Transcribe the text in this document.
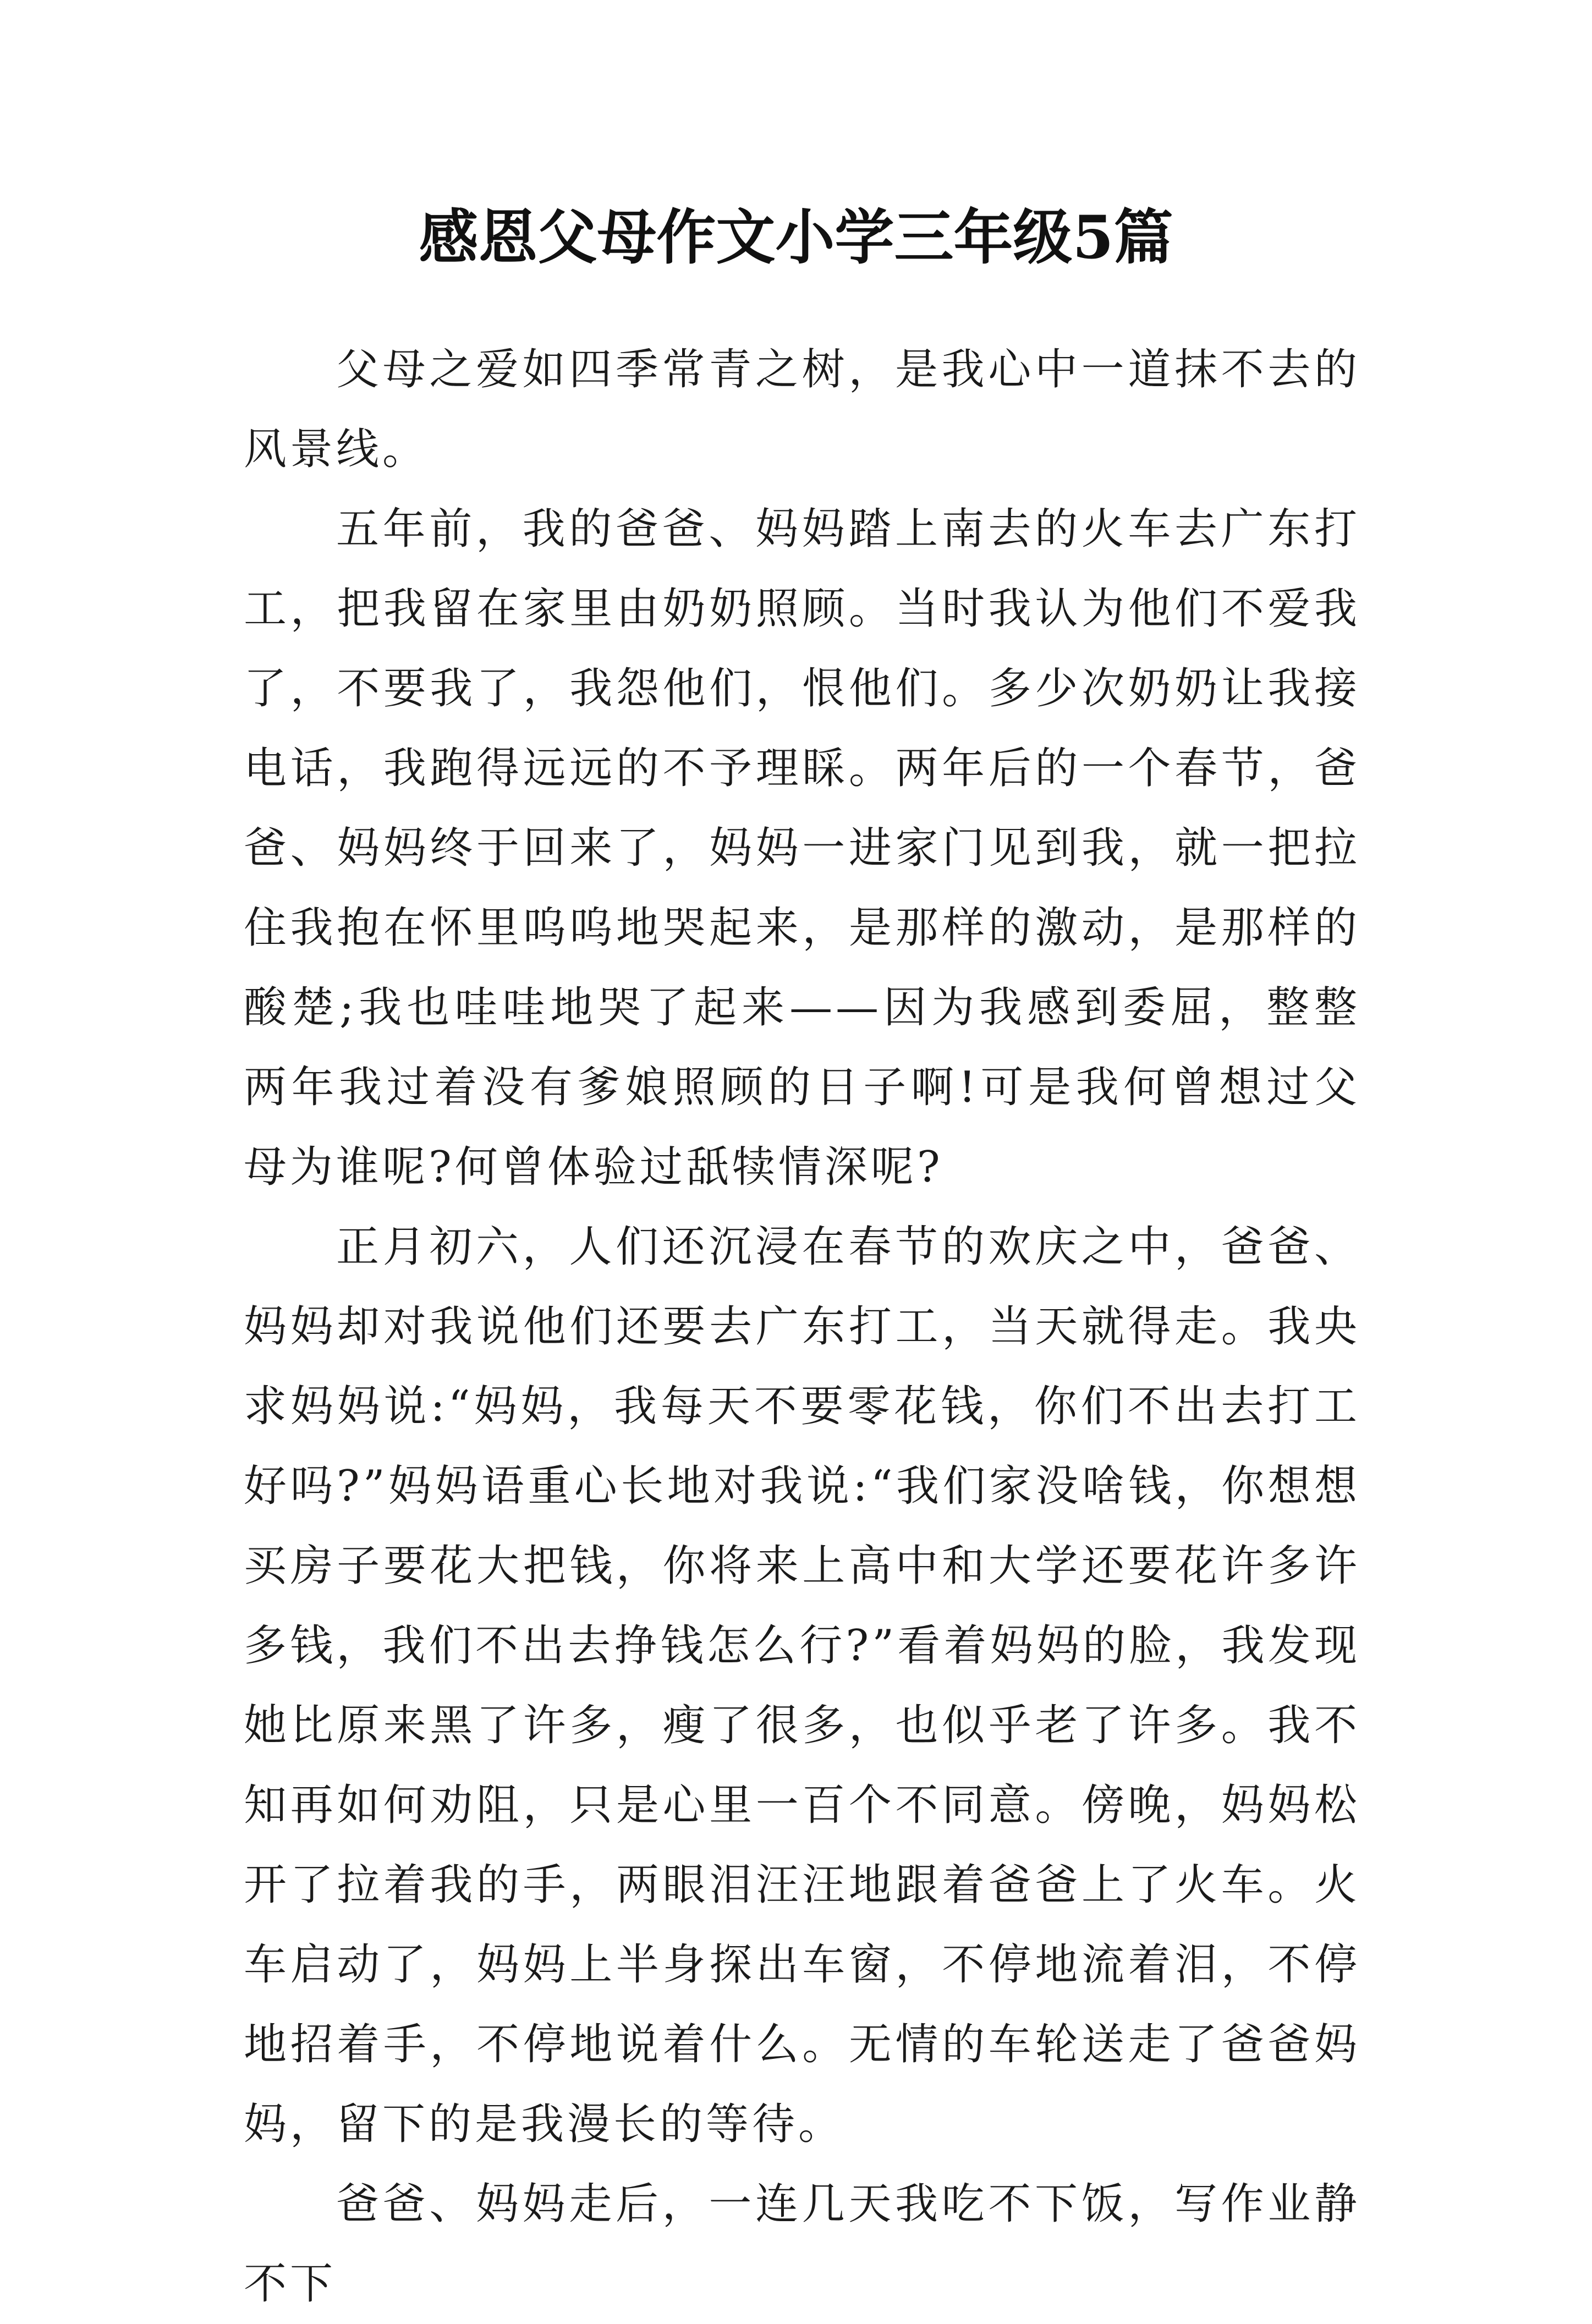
感恩父母作文小学三年级5篇

父母之爱如四季常青之树，是我心中一道抹不去的风景线。

五年前，我的爸爸、妈妈踏上南去的火车去广东打工，把我留在家里由奶奶照顾。当时我认为他们不爱我了，不要我了，我怨他们，恨他们。多少次奶奶让我接电话，我跑得远远的不予理睬。两年后的一个春节，爸爸、妈妈终于回来了，妈妈一进家门见到我，就一把拉住我抱在怀里呜呜地哭起来，是那样的激动，是那样的酸楚;我也哇哇地哭了起来——因为我感到委屈，整整两年我过着没有爹娘照顾的日子啊!可是我何曾想过父母为谁呢?何曾体验过舐犊情深呢?

正月初六，人们还沉浸在春节的欢庆之中，爸爸、妈妈却对我说他们还要去广东打工，当天就得走。我央求妈妈说:“妈妈，我每天不要零花钱，你们不出去打工好吗?”妈妈语重心长地对我说:“我们家没啥钱，你想想买房子要花大把钱，你将来上高中和大学还要花许多许多钱，我们不出去挣钱怎么行?”看着妈妈的脸，我发现她比原来黑了许多，瘦了很多，也似乎老了许多。我不知再如何劝阻，只是心里一百个不同意。傍晚，妈妈松开了拉着我的手，两眼泪汪汪地跟着爸爸上了火车。火车启动了，妈妈上半身探出车窗，不停地流着泪，不停地招着手，不停地说着什么。无情的车轮送走了爸爸妈妈，留下的是我漫长的等待。

爸爸、妈妈走后，一连几天我吃不下饭，写作业静不下
